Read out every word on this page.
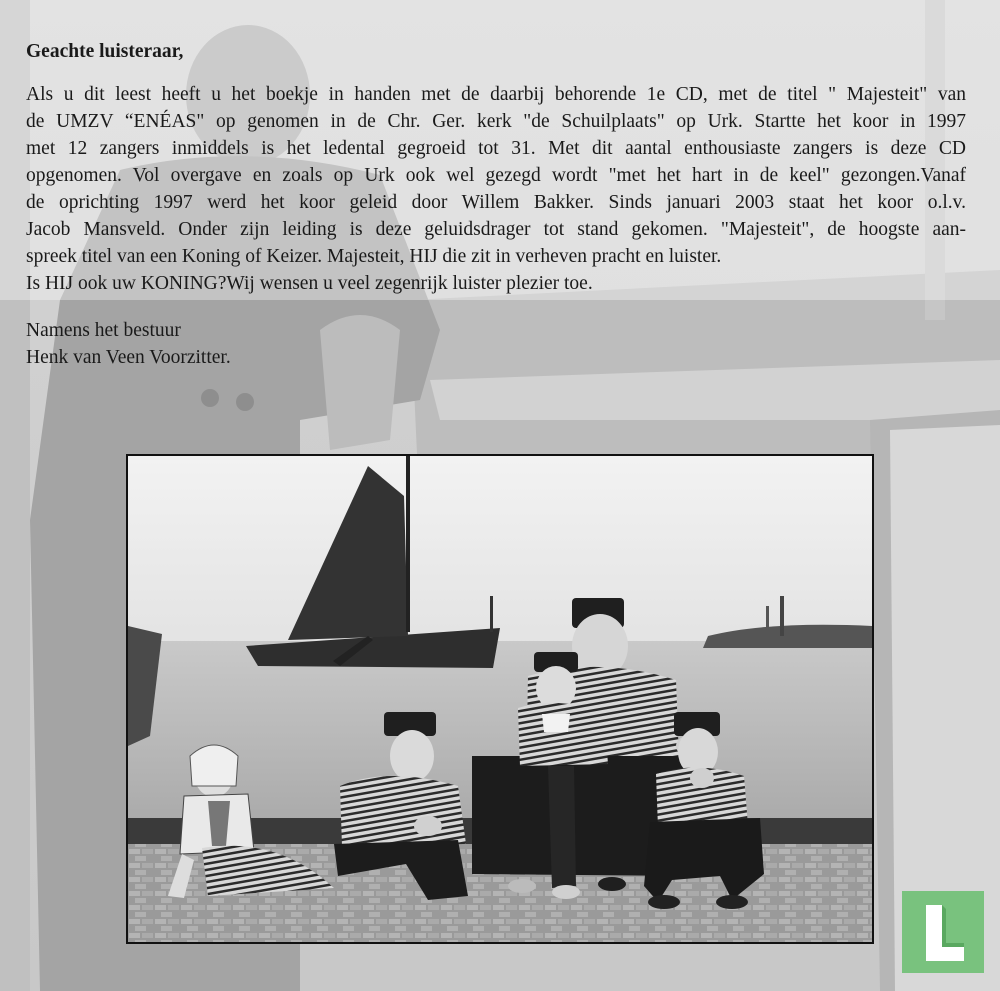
Geachte luisteraar,

Als u dit leest heeft u het boekje in handen met de daarbij behorende 1e CD, met de titel " Majesteit" van
de UMZV “ENÉAS" op genomen in de Chr. Ger. kerk "de Schuilplaats" op Urk. Startte het koor in 1997
met 12 zangers inmiddels is het ledental gegroeid tot 31. Met dit aantal enthousiaste zangers is deze CD
opgenomen. Vol overgave en zoals op Urk ook wel gezegd wordt "met het hart in de keel" gezongen.Vanaf
de oprichting 1997 werd het koor geleid door Willem Bakker. Sinds januari 2003 staat het koor o.l.v.
Jacob Mansveld. Onder zijn leiding is deze geluidsdrager tot stand gekomen. "Majesteit", de hoogste aan-
spreek titel van een Koning of Keizer. Majesteit, HIJ die zit in verheven pracht en luister.
Is HIJ ook uw KONING?Wij wensen u veel zegenrijk luister plezier toe.
Namens het bestuur
Henk van Veen Voorzitter.
